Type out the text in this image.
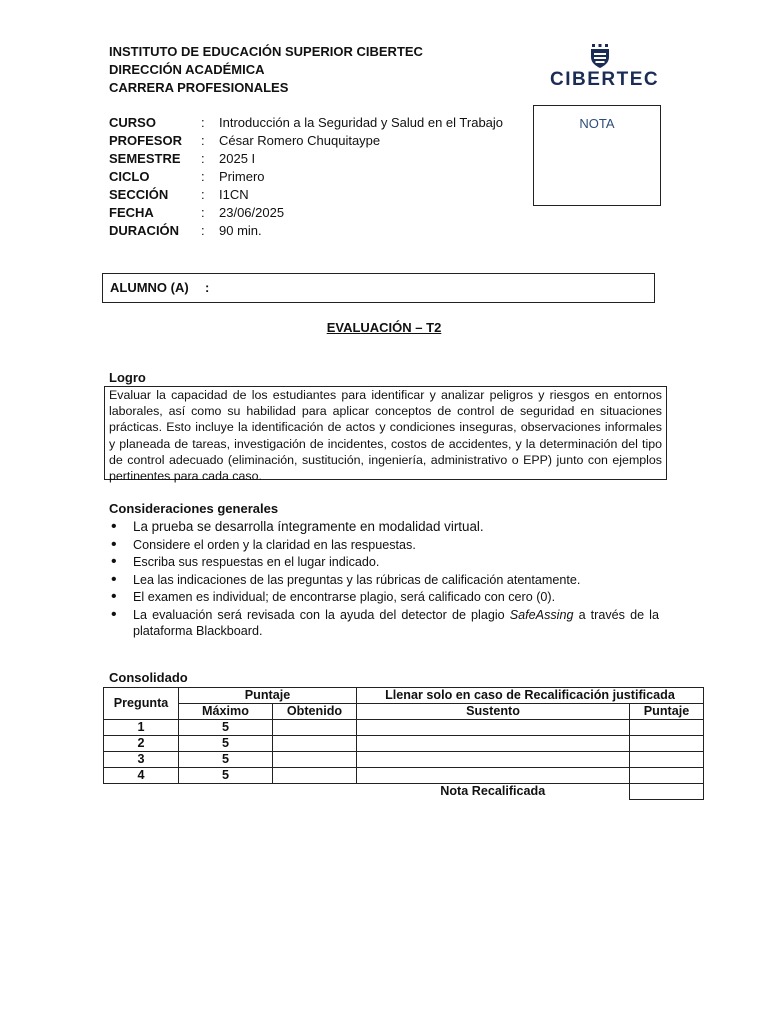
INSTITUTO DE EDUCACIÓN SUPERIOR CIBERTEC
DIRECCIÓN ACADÉMICA
CARRERA PROFESIONALES	CIBERTEC
CURSO	: Introducción a la Seguridad y Salud en el Trabajo
PROFESOR : César Romero Chuquitaype
SEMESTRE : 2025 I
CICLO	: Primero
SECCIÓN	: I1CN
FECHA	: 23/06/2025
DURACIÓN : 90 min.
NOTA
ALUMNO (A) :
EVALUACIÓN – T2
Logro
Evaluar la capacidad de los estudiantes para identificar y analizar peligros y riesgos en entornos laborales, así como su habilidad para aplicar conceptos de control de seguridad en situaciones prácticas. Esto incluye la identificación de actos y condiciones inseguras, observaciones informales y planeada de tareas, investigación de incidentes, costos de accidentes, y la determinación del tipo de control adecuado (eliminación, sustitución, ingeniería, administrativo o EPP) junto con ejemplos pertinentes para cada caso.
Consideraciones generales
• La prueba se desarrolla íntegramente en modalidad virtual.
• Considere el orden y la claridad en las respuestas.
• Escriba sus respuestas en el lugar indicado.
• Lea las indicaciones de las preguntas y las rúbricas de calificación atentamente.
• El examen es individual; de encontrarse plagio, será calificado con cero (0).
• La evaluación será revisada con la ayuda del detector de plagio SafeAssing a través de la plataforma Blackboard.
Consolidado
Pregunta	Puntaje		Llenar solo en caso de Recalificación justificada	
	Máximo	Obtenido	Sustento	Puntaje
1	5			
2	5			
3	5			
4	5			
			Nota Recalificada	
